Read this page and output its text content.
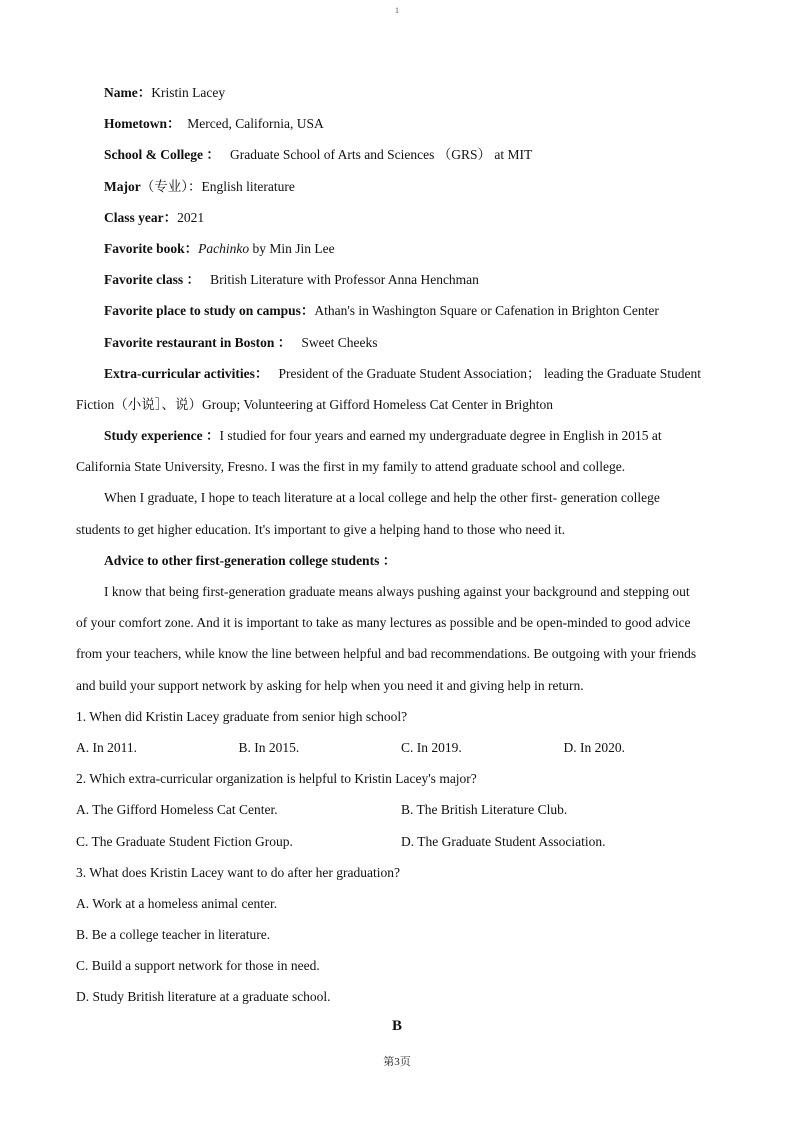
1
Name：Kristin Lacey
Hometown： Merced, California, USA
School & College ： Graduate School of Arts and Sciences （GRS） at MIT
Major（专业）：English literature
Class year：2021
Favorite book：Pachinko by Min Jin Lee
Favorite class ： British Literature with Professor Anna Henchman
Favorite place to study on campus：Athan's in Washington Square or Cafenation in Brighton Center
Favorite restaurant in Boston ： Sweet Cheeks
Extra-curricular activities： President of the Graduate Student Association； leading the Graduate Student
Fiction（小说］、说）Group; Volunteering at Gifford Homeless Cat Center in Brighton
Study experience ：I studied for four years and earned my undergraduate degree in English in 2015 at
California State University, Fresno. I was the first in my family to attend graduate school and college.
When I graduate, I hope to teach literature at a local college and help the other first- generation college
students to get higher education. It's important to give a helping hand to those who need it.
Advice to other first-generation college students ：
I know that being first-generation graduate means always pushing against your background and stepping out
of your comfort zone. And it is important to take as many lectures as possible and be open-minded to good advice
from your teachers, while know the line between helpful and bad recommendations. Be outgoing with your friends
and build your support network by asking for help when you need it and giving help in return.
1. When did Kristin Lacey graduate from senior high school?
A. In 2011.	B. In 2015.	C. In 2019.	D. In 2020.
2. Which extra-curricular organization is helpful to Kristin Lacey's major?
A. The Gifford Homeless Cat Center.	B. The British Literature Club.
C. The Graduate Student Fiction Group.	D. The Graduate Student Association.
3. What does Kristin Lacey want to do after her graduation?
A. Work at a homeless animal center.
B. Be a college teacher in literature.
C. Build a support network for those in need.
D. Study British literature at a graduate school.
B
第3页
